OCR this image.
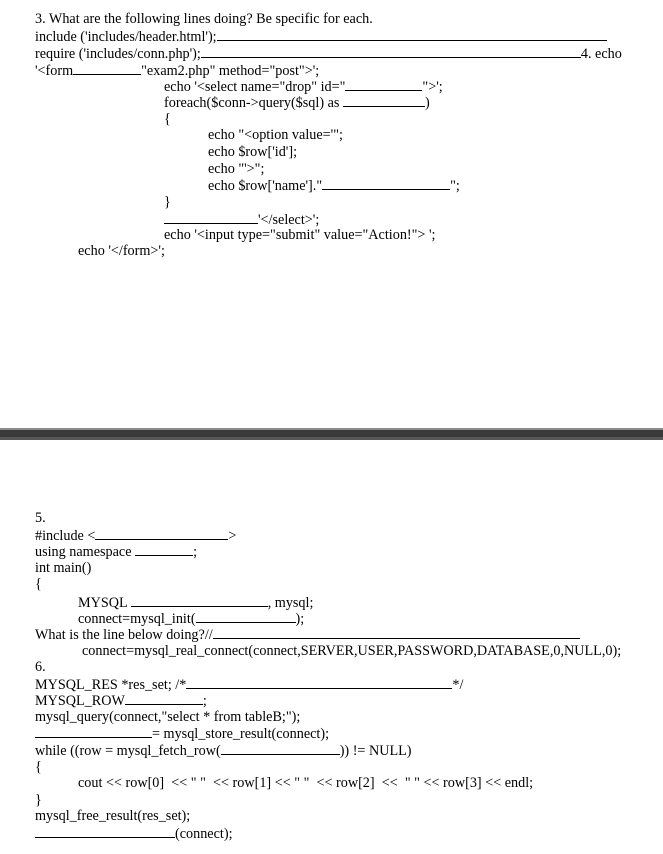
3. What are the following lines doing? Be specific for each.
include ('includes/header.html');
require ('includes/conn.php');	4. echo
'<form	"exam2.php" method="post">';
echo '<select name="drop" id="	">';
foreach($conn->query($sql) as	)
{
echo "<option value='";
echo $row['id'];
echo "'>";
echo $row['name']."	";
}
'</select>';
echo '<input type="submit" value="Action!"> ';
echo '</form>';
5.
#include <	>
using namespace	;
int main()
{
MYSQL	, mysql;
connect=mysql_init(	);
What is the line below doing?//
connect=mysql_real_connect(connect,SERVER,USER,PASSWORD,DATABASE,0,NULL,0);
6.
MYSQL_RES *res_set; /*	*/
MYSQL_ROW	;
mysql_query(connect,"select * from tableB;");
= mysql_store_result(connect);
while ((row = mysql_fetch_row(	)) != NULL)
{
cout << row[0]  << " "  << row[1] << " "  << row[2]  <<  " " << row[3] << endl;
}
mysql_free_result(res_set);
(connect);
